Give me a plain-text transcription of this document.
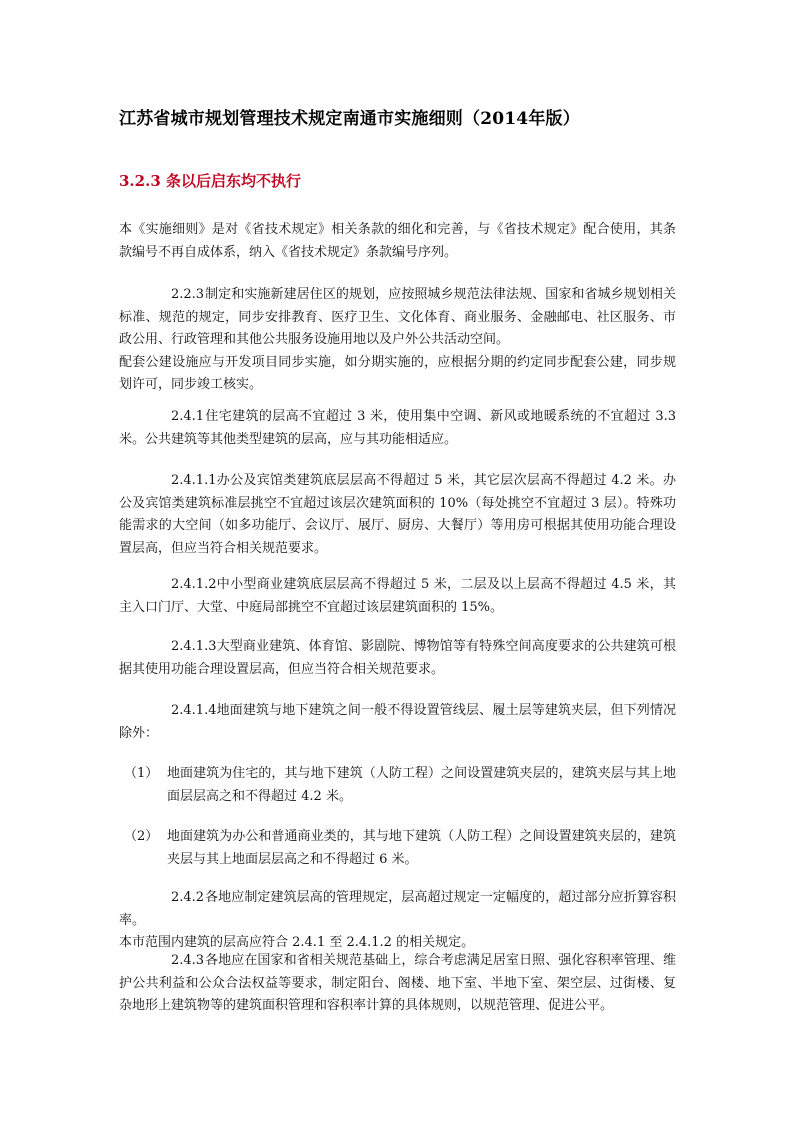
江苏省城市规划管理技术规定南通市实施细则（2014年版）
3.2.3 条以后启东均不执行

本《实施细则》是对《省技术规定》相关条款的细化和完善，与《省技术规定》配合使用，其条款编号不再自成体系，纳入《省技术规定》条款编号序列。

2.2.3制定和实施新建居住区的规划，应按照城乡规范法律法规、国家和省城乡规划相关标准、规范的规定，同步安排教育、医疗卫生、文化体育、商业服务、金融邮电、社区服务、市政公用、行政管理和其他公共服务设施用地以及户外公共活动空间。

配套公建设施应与开发项目同步实施，如分期实施的，应根据分期的约定同步配套公建，同步规划许可，同步竣工核实。

2.4.1住宅建筑的层高不宜超过 3 米，使用集中空调、新风或地暖系统的不宜超过 3.3 米。公共建筑等其他类型建筑的层高，应与其功能相适应。

2.4.1.1办公及宾馆类建筑底层层高不得超过 5 米，其它层次层高不得超过 4.2 米。办公及宾馆类建筑标准层挑空不宜超过该层次建筑面积的 10%（每处挑空不宜超过 3 层）。特殊功能需求的大空间（如多功能厅、会议厅、展厅、厨房、大餐厅）等用房可根据其使用功能合理设置层高，但应当符合相关规范要求。

2.4.1.2中小型商业建筑底层层高不得超过 5 米，二层及以上层高不得超过 4.5 米，其主入口门厅、大堂、中庭局部挑空不宜超过该层建筑面积的 15%。

2.4.1.3大型商业建筑、体育馆、影剧院、博物馆等有特殊空间高度要求的公共建筑可根据其使用功能合理设置层高，但应当符合相关规范要求。

2.4.1.4地面建筑与地下建筑之间一般不得设置管线层、履土层等建筑夹层，但下列情况除外：

（1） 地面建筑为住宅的，其与地下建筑（人防工程）之间设置建筑夹层的，建筑夹层与其上地面层层高之和不得超过 4.2 米。
（2） 地面建筑为办公和普通商业类的，其与地下建筑（人防工程）之间设置建筑夹层的，建筑夹层与其上地面层层高之和不得超过 6 米。

2.4.2各地应制定建筑层高的管理规定，层高超过规定一定幅度的，超过部分应折算容积率。

本市范围内建筑的层高应符合 2.4.1 至 2.4.1.2 的相关规定。

2.4.3各地应在国家和省相关规范基础上，综合考虑满足居室日照、强化容积率管理、维护公共利益和公众合法权益等要求，制定阳台、阁楼、地下室、半地下室、架空层、过街楼、复杂地形上建筑物等的建筑面积管理和容积率计算的具体规则，以规范管理、促进公平。
